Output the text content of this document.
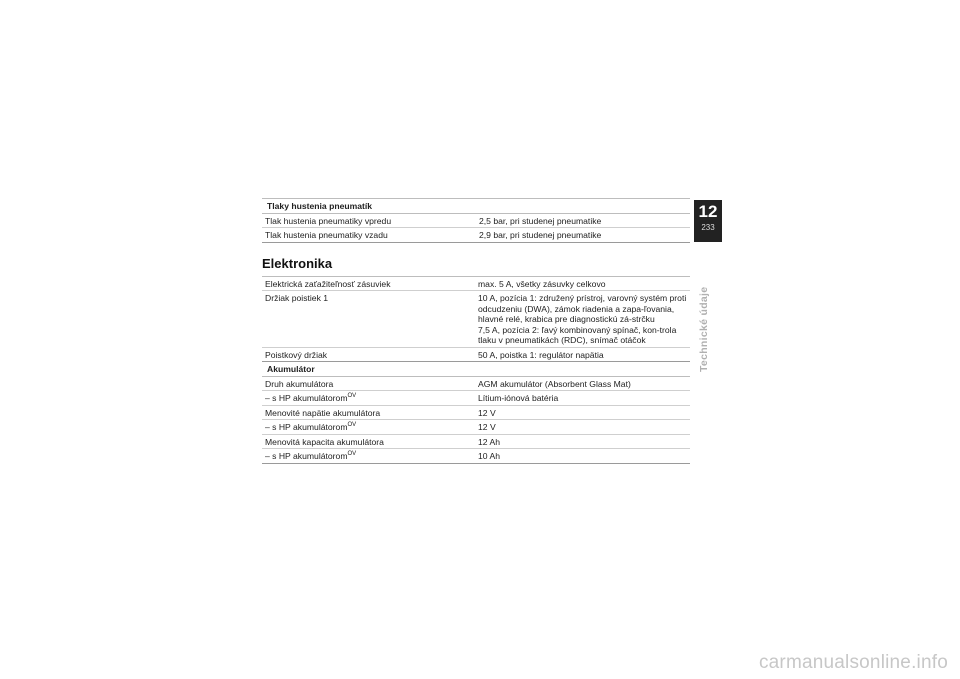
Tlaky hustenia pneumatík	
Tlak hustenia pneumatiky vpredu	2,5 bar, pri studenej pneumatike
Tlak hustenia pneumatiky vzadu	2,9 bar, pri studenej pneumatike
Elektronika
Elektrická zaťažiteľnosť zásuviek	max. 5 A, všetky zásuvky celkovo
Držiak poistiek 1	10 A, pozícia 1: združený prístroj, varovný systém proti odcudzeniu (DWA), zámok riadenia a zapa-ľovania, hlavné relé, krabica pre diagnostickú zá-strčku
7,5 A, pozícia 2: ľavý kombinovaný spínač, kon-trola tlaku v pneumatikách (RDC), snímač otáčok
Poistkový držiak	50 A, poistka 1: regulátor napätia
Akumulátor	
Druh akumulátora	AGM akumulátor (Absorbent Glass Mat)
– s HP akumulátorom$^{OV}$	Lítium-iónová batéria
Menovité napätie akumulátora	12 V
– s HP akumulátorom$^{OV}$	12 V
Menovitá kapacita akumulátora	12 Ah
– s HP akumulátorom$^{OV}$	10 Ah
12
233
Technické údaje
carmanualsonline.info
